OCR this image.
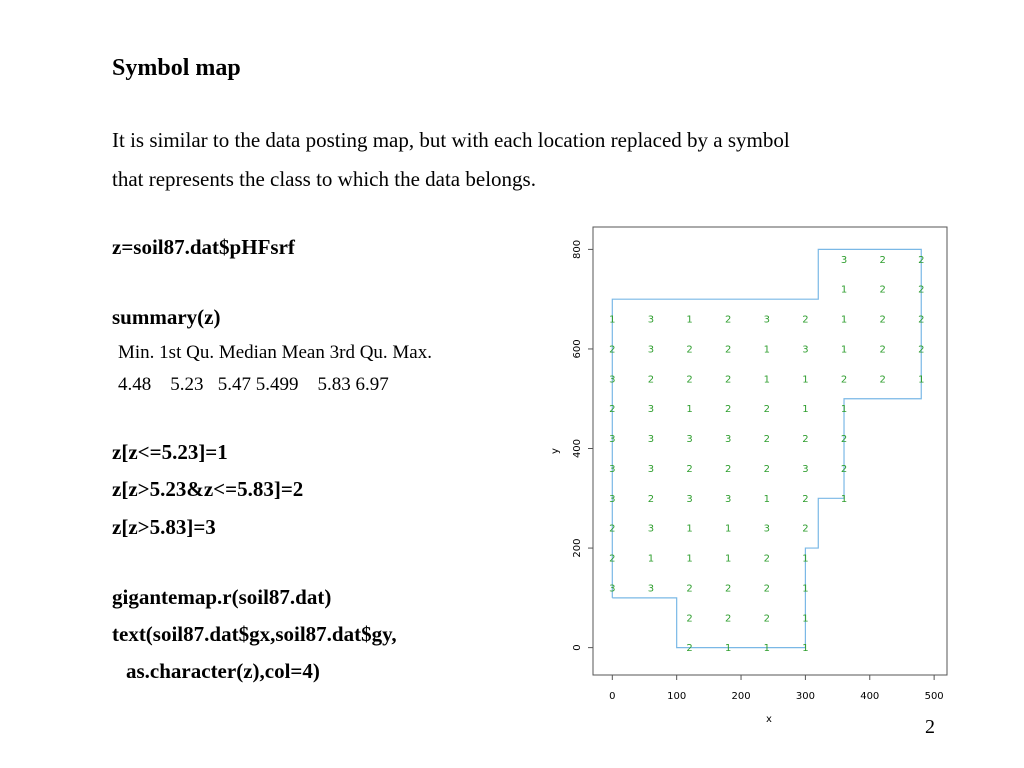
Symbol map
It is similar to the data posting map, but with each location replaced by a symbol
that represents the class to which the data belongs.
z=soil87.dat$pHFsrf
summary(z)
Min. 1st Qu. Median Mean 3rd Qu. Max.
4.48    5.23   5.47 5.499    5.83 6.97
z[z<=5.23]=1
z[z>5.23&z<=5.83]=2
z[z>5.83]=3
gigantemap.r(soil87.dat)
text(soil87.dat$gx,soil87.dat$gy,
as.character(z),col=4)
0	100	200	300	400	500
0
200
400
600
800
3	2	2
1	2	2
1	3	1	2	3	2	1	2	2
2	3	2	2	1	3	1	2	2
3	2	2	2	1	1	2	2	1
2	3	1	2	2	1	1
3	3	3	3	2	2	2
3	3	2	2	2	3	2
3	2	3	3	1	2	1
2	3	1	1	3	2
2	1	1	1	2	1
3	3	2	2	2	1
2	2	2	1
2	1	1	1
x
y
2
